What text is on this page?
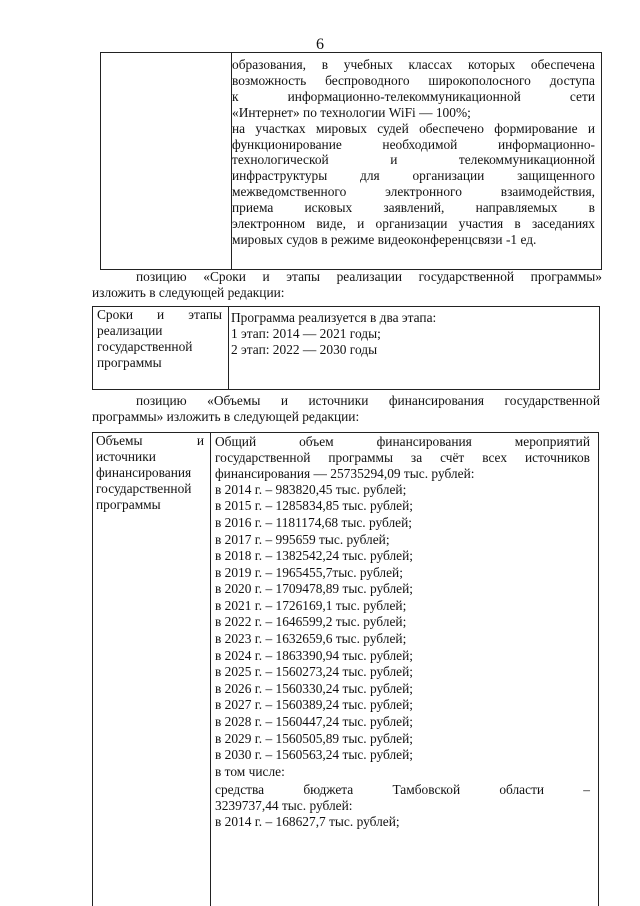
6
образования, в учебных классах которых обеспечена
возможность беспроводного широкополосного доступа
к информационно-телекоммуникационной сети
«Интернет» по технологии WiFi — 100%;
на участках мировых судей обеспечено формирование и
функционирование необходимой информационно-
технологической и телекоммуникационной
инфраструктуры для организации защищенного
межведомственного электронного взаимодействия,
приема исковых заявлений, направляемых в
электронном виде, и организации участия в заседаниях
мировых судов в режиме видеоконференцсвязи -1 ед.
позицию «Сроки и этапы реализации государственной программы»
изложить в следующей редакции:
Сроки и этапы
реализации
государственной
программы
Программа реализуется в два этапа:
1 этап: 2014 — 2021 годы;
2 этап: 2022 — 2030 годы
позицию «Объемы и источники финансирования государственной
программы» изложить в следующей редакции:
Объемы и
источники
финансирования
государственной
программы
Общий объем финансирования мероприятий
государственной программы за счёт всех источников
финансирования — 25735294,09 тыс. рублей:
в 2014 г. – 983820,45 тыс. рублей;
в 2015 г. – 1285834,85 тыс. рублей;
в 2016 г. – 1181174,68 тыс. рублей;
в 2017 г. – 995659 тыс. рублей;
в 2018 г. – 1382542,24 тыс. рублей;
в 2019 г. – 1965455,7тыс. рублей;
в 2020 г. – 1709478,89 тыс. рублей;
в 2021 г. – 1726169,1 тыс. рублей;
в 2022 г. – 1646599,2 тыс. рублей;
в 2023 г. – 1632659,6 тыс. рублей;
в 2024 г. – 1863390,94 тыс. рублей;
в 2025 г. – 1560273,24 тыс. рублей;
в 2026 г. – 1560330,24 тыс. рублей;
в 2027 г. – 1560389,24 тыс. рублей;
в 2028 г. – 1560447,24 тыс. рублей;
в 2029 г. – 1560505,89 тыс. рублей;
в 2030 г. – 1560563,24 тыс. рублей;
в том числе:
средства бюджета Тамбовской области –
3239737,44 тыс. рублей:
в 2014 г. – 168627,7 тыс. рублей;
